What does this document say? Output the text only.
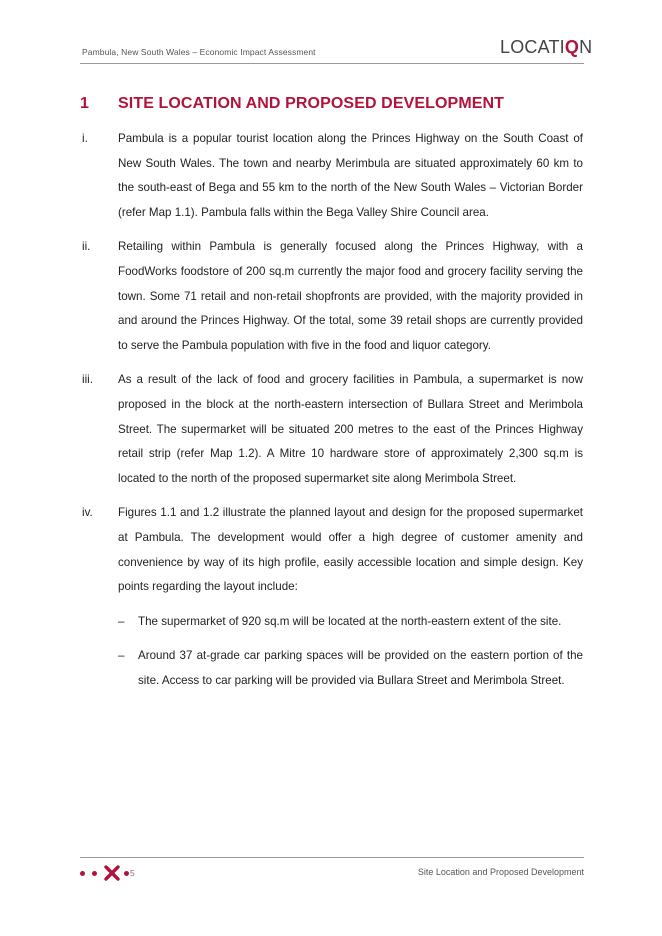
Pambula, New South Wales – Economic Impact Assessment	LOCATIQN
1 SITE LOCATION AND PROPOSED DEVELOPMENT
i.	Pambula is a popular tourist location along the Princes Highway on the South Coast of New South Wales. The town and nearby Merimbula are situated approximately 60 km to the south-east of Bega and 55 km to the north of the New South Wales – Victorian Border (refer Map 1.1). Pambula falls within the Bega Valley Shire Council area.
ii. Retailing within Pambula is generally focused along the Princes Highway, with a FoodWorks foodstore of 200 sq.m currently the major food and grocery facility serving the town. Some 71 retail and non-retail shopfronts are provided, with the majority provided in and around the Princes Highway. Of the total, some 39 retail shops are currently provided to serve the Pambula population with five in the food and liquor category.
iii. As a result of the lack of food and grocery facilities in Pambula, a supermarket is now proposed in the block at the north-eastern intersection of Bullara Street and Merimbola Street. The supermarket will be situated 200 metres to the east of the Princes Highway retail strip (refer Map 1.2). A Mitre 10 hardware store of approximately 2,300 sq.m is located to the north of the proposed supermarket site along Merimbola Street.
iv. Figures 1.1 and 1.2 illustrate the planned layout and design for the proposed supermarket at Pambula. The development would offer a high degree of customer amenity and convenience by way of its high profile, easily accessible location and simple design. Key points regarding the layout include:
– The supermarket of 920 sq.m will be located at the north-eastern extent of the site.
– Around 37 at-grade car parking spaces will be provided on the eastern portion of the site. Access to car parking will be provided via Bullara Street and Merimbola Street.
5	Site Location and Proposed Development
